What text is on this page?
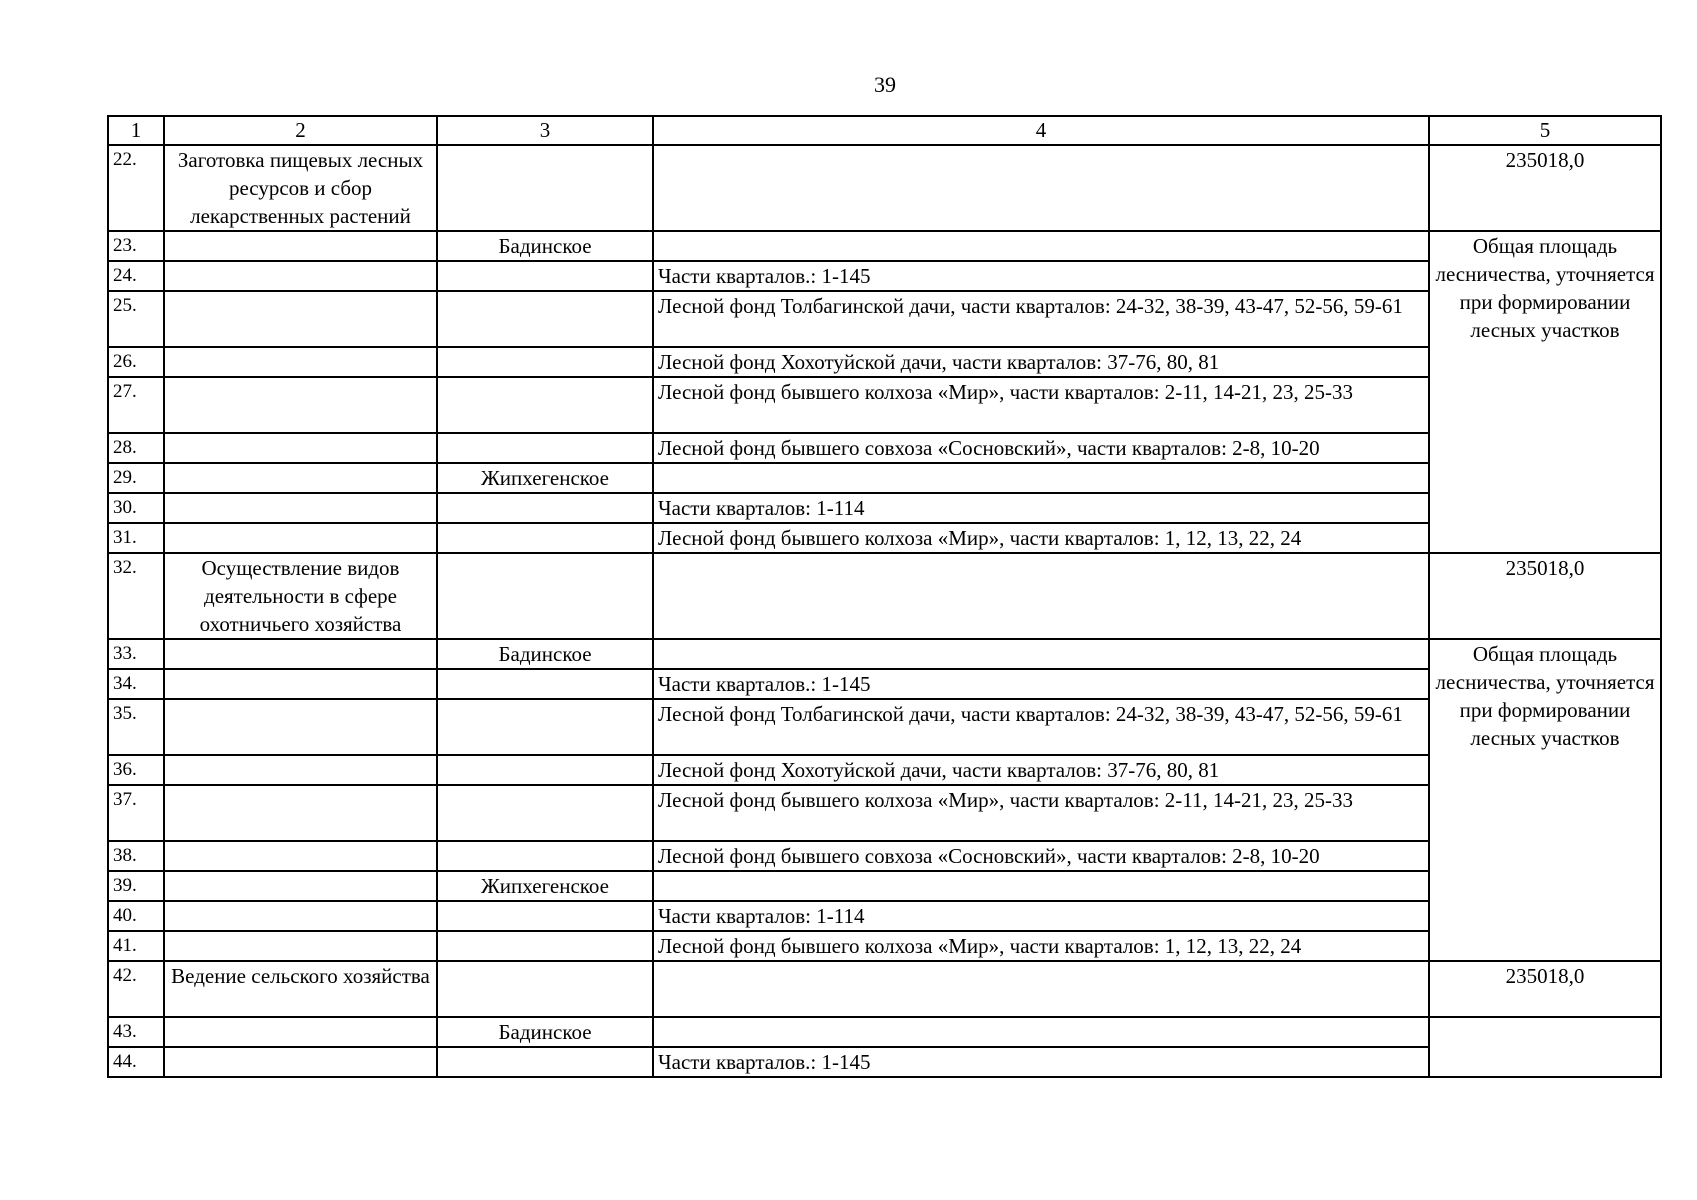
39
1	2	3	4	5
22.	Заготовка пищевых лесных ресурсов и сбор лекарственных растений			235018,0
23.		Бадинское		Общая площадь лесничества, уточняется при формировании лесных участков
24.			Части кварталов.: 1-145	
25.			Лесной фонд Толбагинской дачи, части кварталов: 24-32, 38-39, 43-47, 52-56, 59-61	
26.			Лесной фонд Хохотуйской дачи, части кварталов: 37-76, 80, 81	
27.			Лесной фонд бывшего колхоза «Мир», части кварталов: 2-11, 14-21, 23, 25-33	
28.			Лесной фонд бывшего совхоза «Сосновский», части кварталов: 2-8, 10-20	
29.		Жипхегенское		
30.			Части кварталов: 1-114	
31.			Лесной фонд бывшего колхоза «Мир», части кварталов: 1, 12, 13, 22, 24	
32.	Осуществление видов деятельности в сфере охотничьего хозяйства			235018,0
33.		Бадинское		Общая площадь лесничества, уточняется при формировании лесных участков
34.			Части кварталов.: 1-145	
35.			Лесной фонд Толбагинской дачи, части кварталов: 24-32, 38-39, 43-47, 52-56, 59-61	
36.			Лесной фонд Хохотуйской дачи, части кварталов: 37-76, 80, 81	
37.			Лесной фонд бывшего колхоза «Мир», части кварталов: 2-11, 14-21, 23, 25-33	
38.			Лесной фонд бывшего совхоза «Сосновский», части кварталов: 2-8, 10-20	
39.		Жипхегенское		
40.			Части кварталов: 1-114	
41.			Лесной фонд бывшего колхоза «Мир», части кварталов: 1, 12, 13, 22, 24	
42.	Ведение сельского хозяйства			235018,0
43.		Бадинское		
44.			Части кварталов.: 1-145	
